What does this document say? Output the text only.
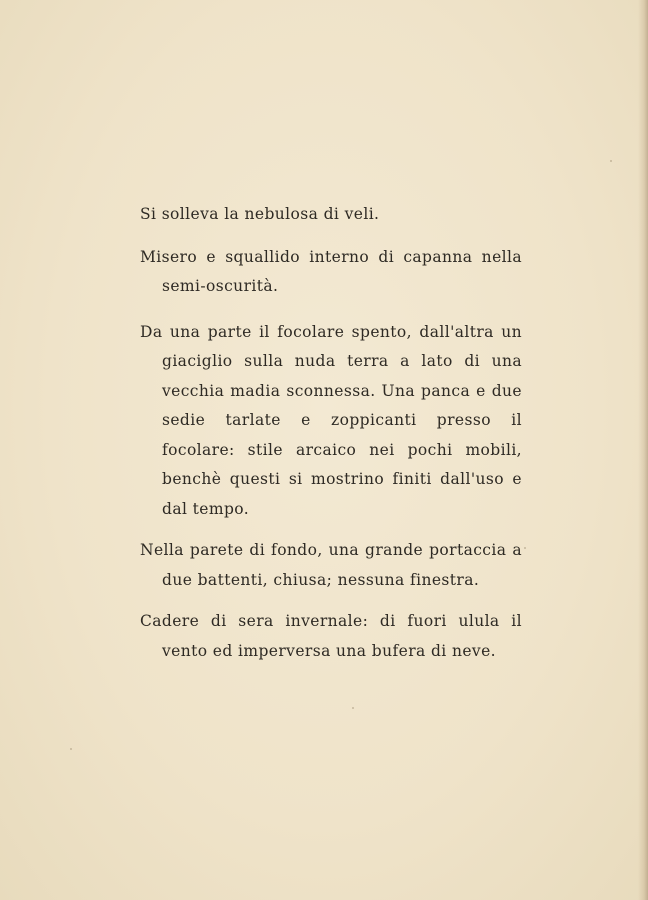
Si solleva la nebulosa di veli.

Misero e squallido interno di capanna nella semi-oscurità.

Da una parte il focolare spento, dall'altra un giaciglio sulla nuda terra a lato di una vecchia madia sconnessa. Una panca e due sedie tarlate e zoppicanti presso il focolare: stile arcaico nei pochi mobili, benchè questi si mostrino finiti dall'uso e dal tempo.

Nella parete di fondo, una grande portaccia a due battenti, chiusa; nessuna finestra.

Cadere di sera invernale: di fuori ulula il vento ed imperversa una bufera di neve.
